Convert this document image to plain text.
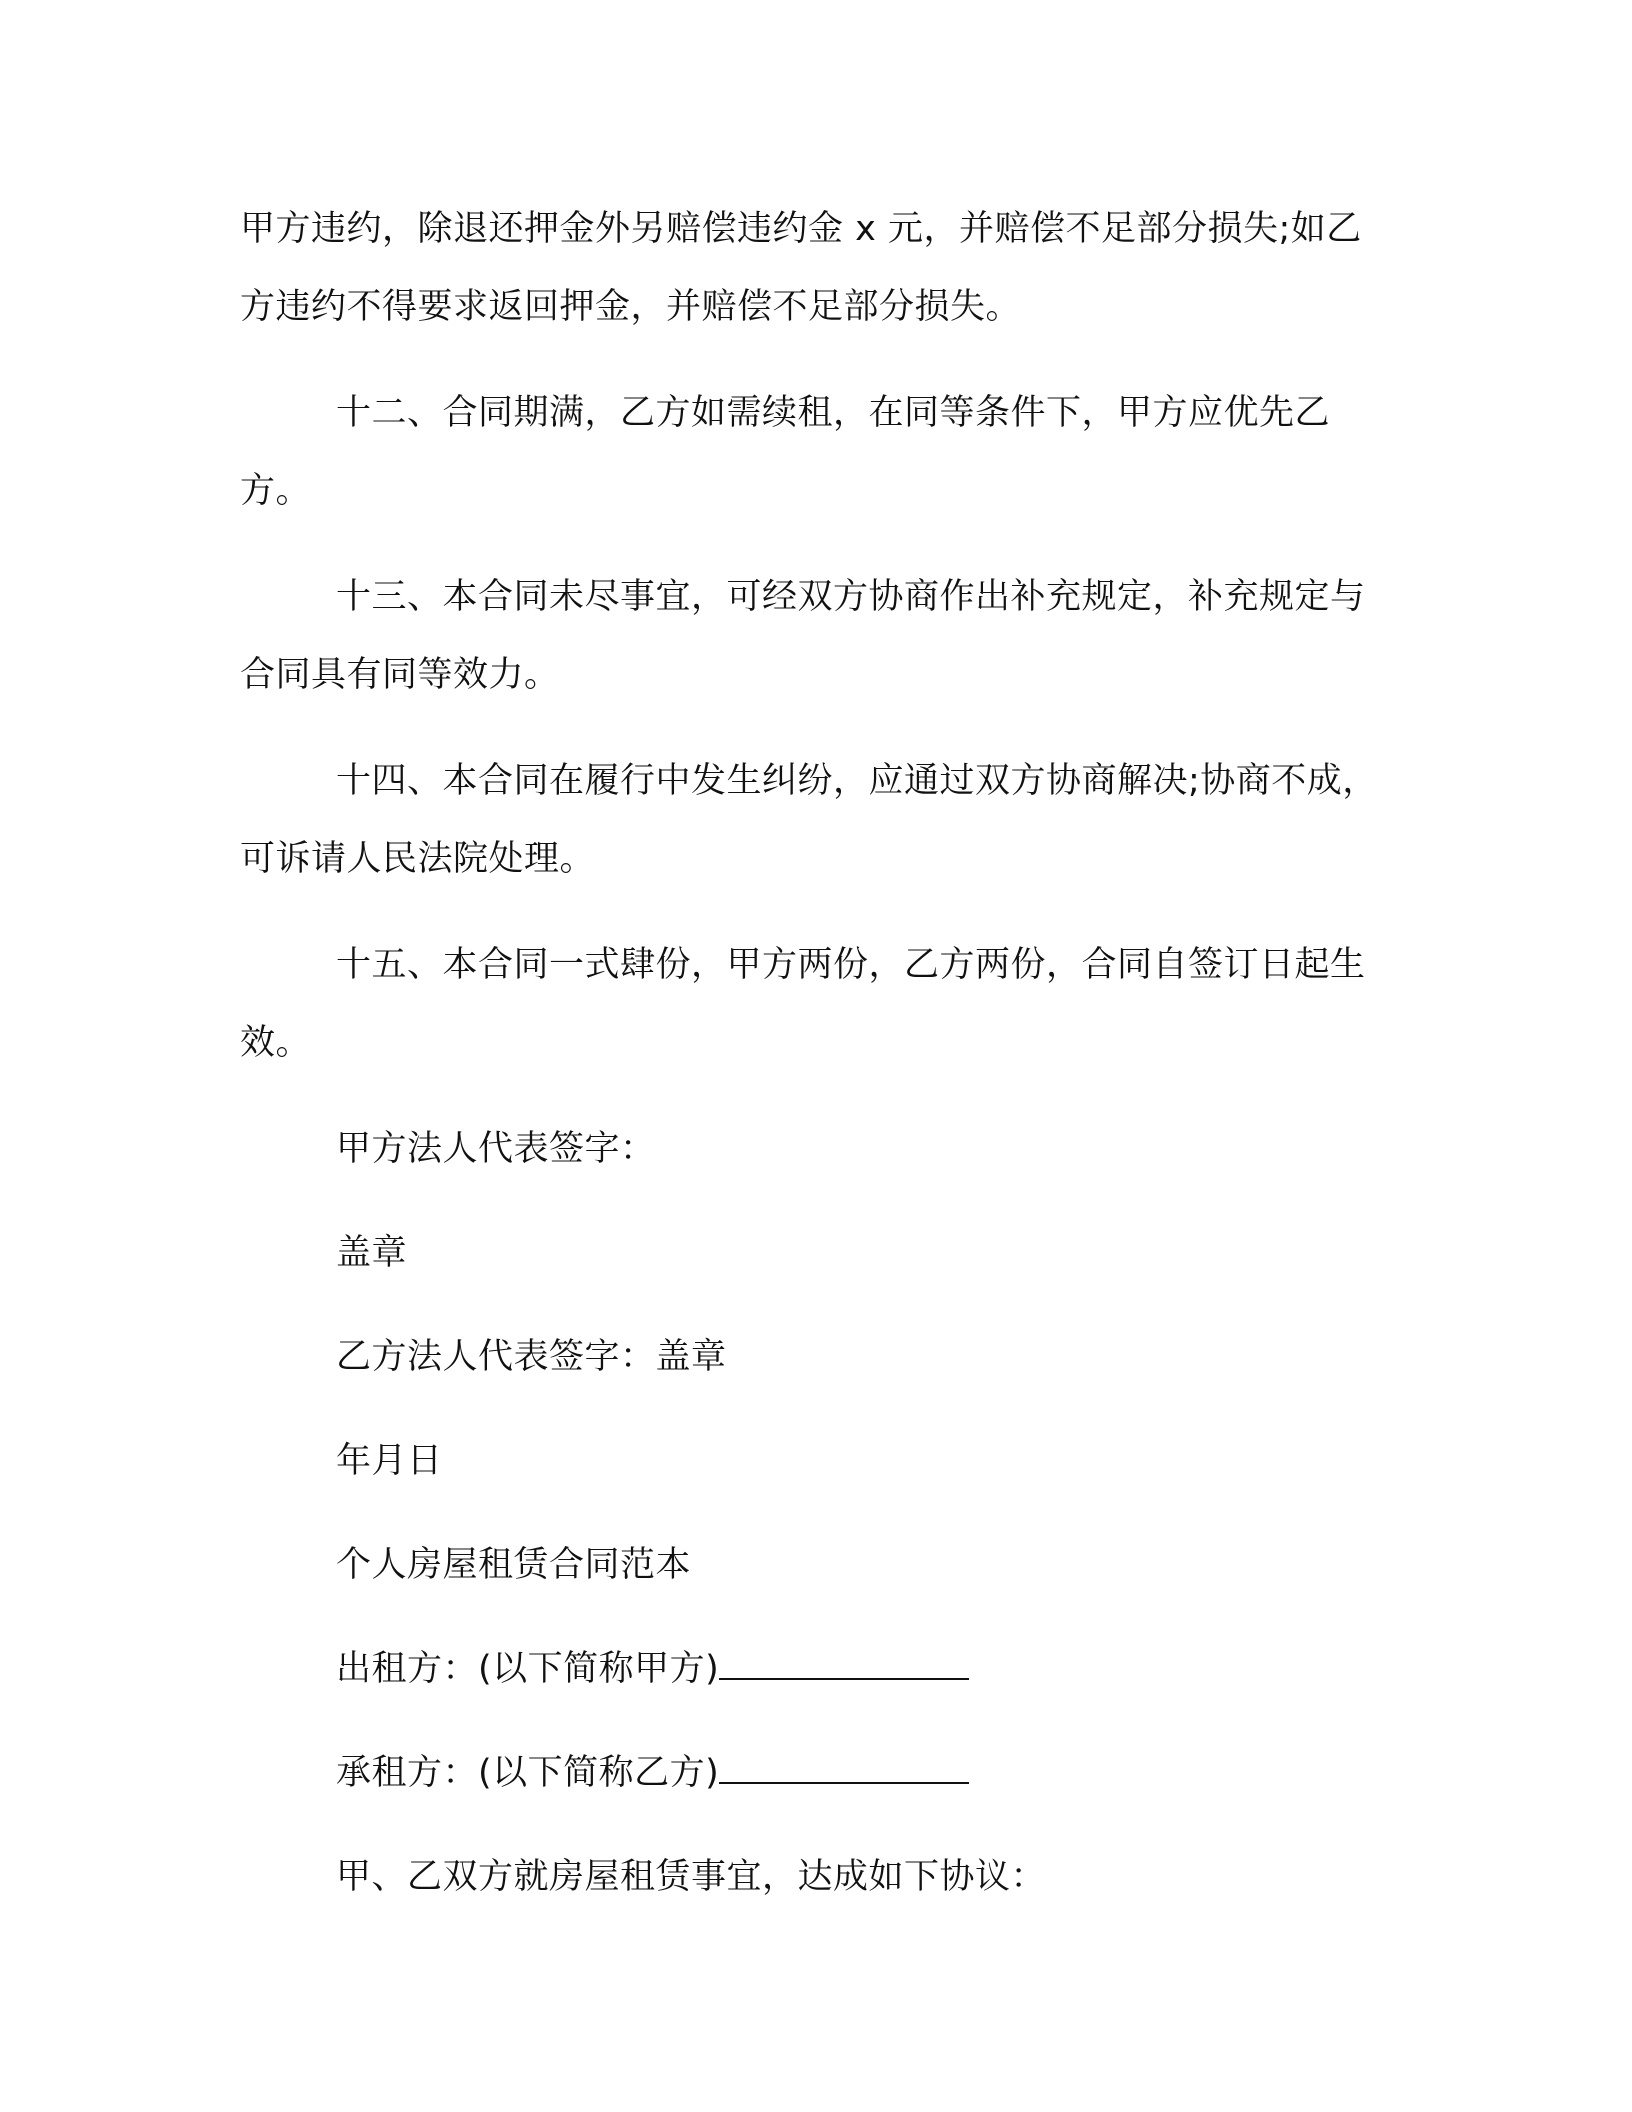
甲方违约，除退还押金外另赔偿违约金 x 元，并赔偿不足部分损失;如乙方违约不得要求返回押金，并赔偿不足部分损失。

十二、合同期满，乙方如需续租，在同等条件下，甲方应优先乙方。

十三、本合同未尽事宜，可经双方协商作出补充规定，补充规定与合同具有同等效力。

十四、本合同在履行中发生纠纷，应通过双方协商解决;协商不成，可诉请人民法院处理。

十五、本合同一式肆份，甲方两份，乙方两份，合同自签订日起生效。

甲方法人代表签字：
盖章
乙方法人代表签字：盖章
年月日
个人房屋租赁合同范本
出租方：(以下简称甲方)
承租方：(以下简称乙方)
甲、乙双方就房屋租赁事宜，达成如下协议：
